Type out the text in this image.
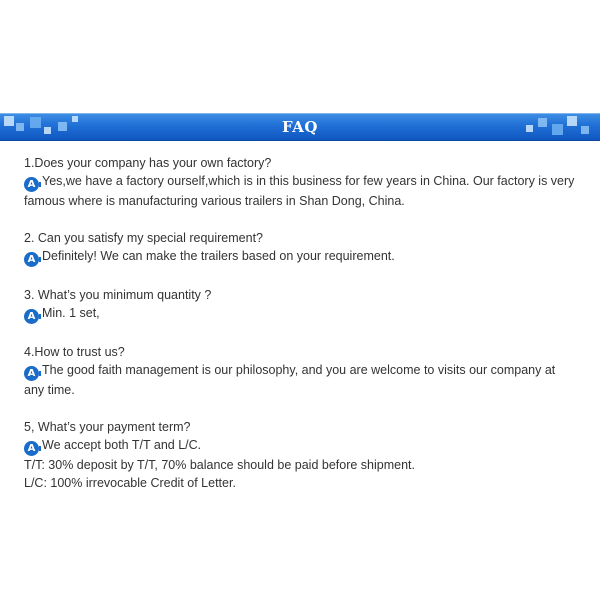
FAQ

1.Does your company has your own factory?

A Yes,we have a factory ourself,which is in this business for few years in China. Our factory is very famous where is manufacturing various trailers in Shan Dong, China.

2. Can you satisfy my special requirement?

A Definitely! We can make the trailers based on your requirement.

3. What’s you minimum quantity ?

A Min. 1 set,

4.How to trust us?

A The good faith management is our philosophy, and you are welcome to visits our company at any time.

5, What’s your payment term?

A We accept both T/T and L/C.

T/T: 30% deposit by T/T, 70% balance should be paid before shipment.

L/C: 100% irrevocable Credit of Letter.
